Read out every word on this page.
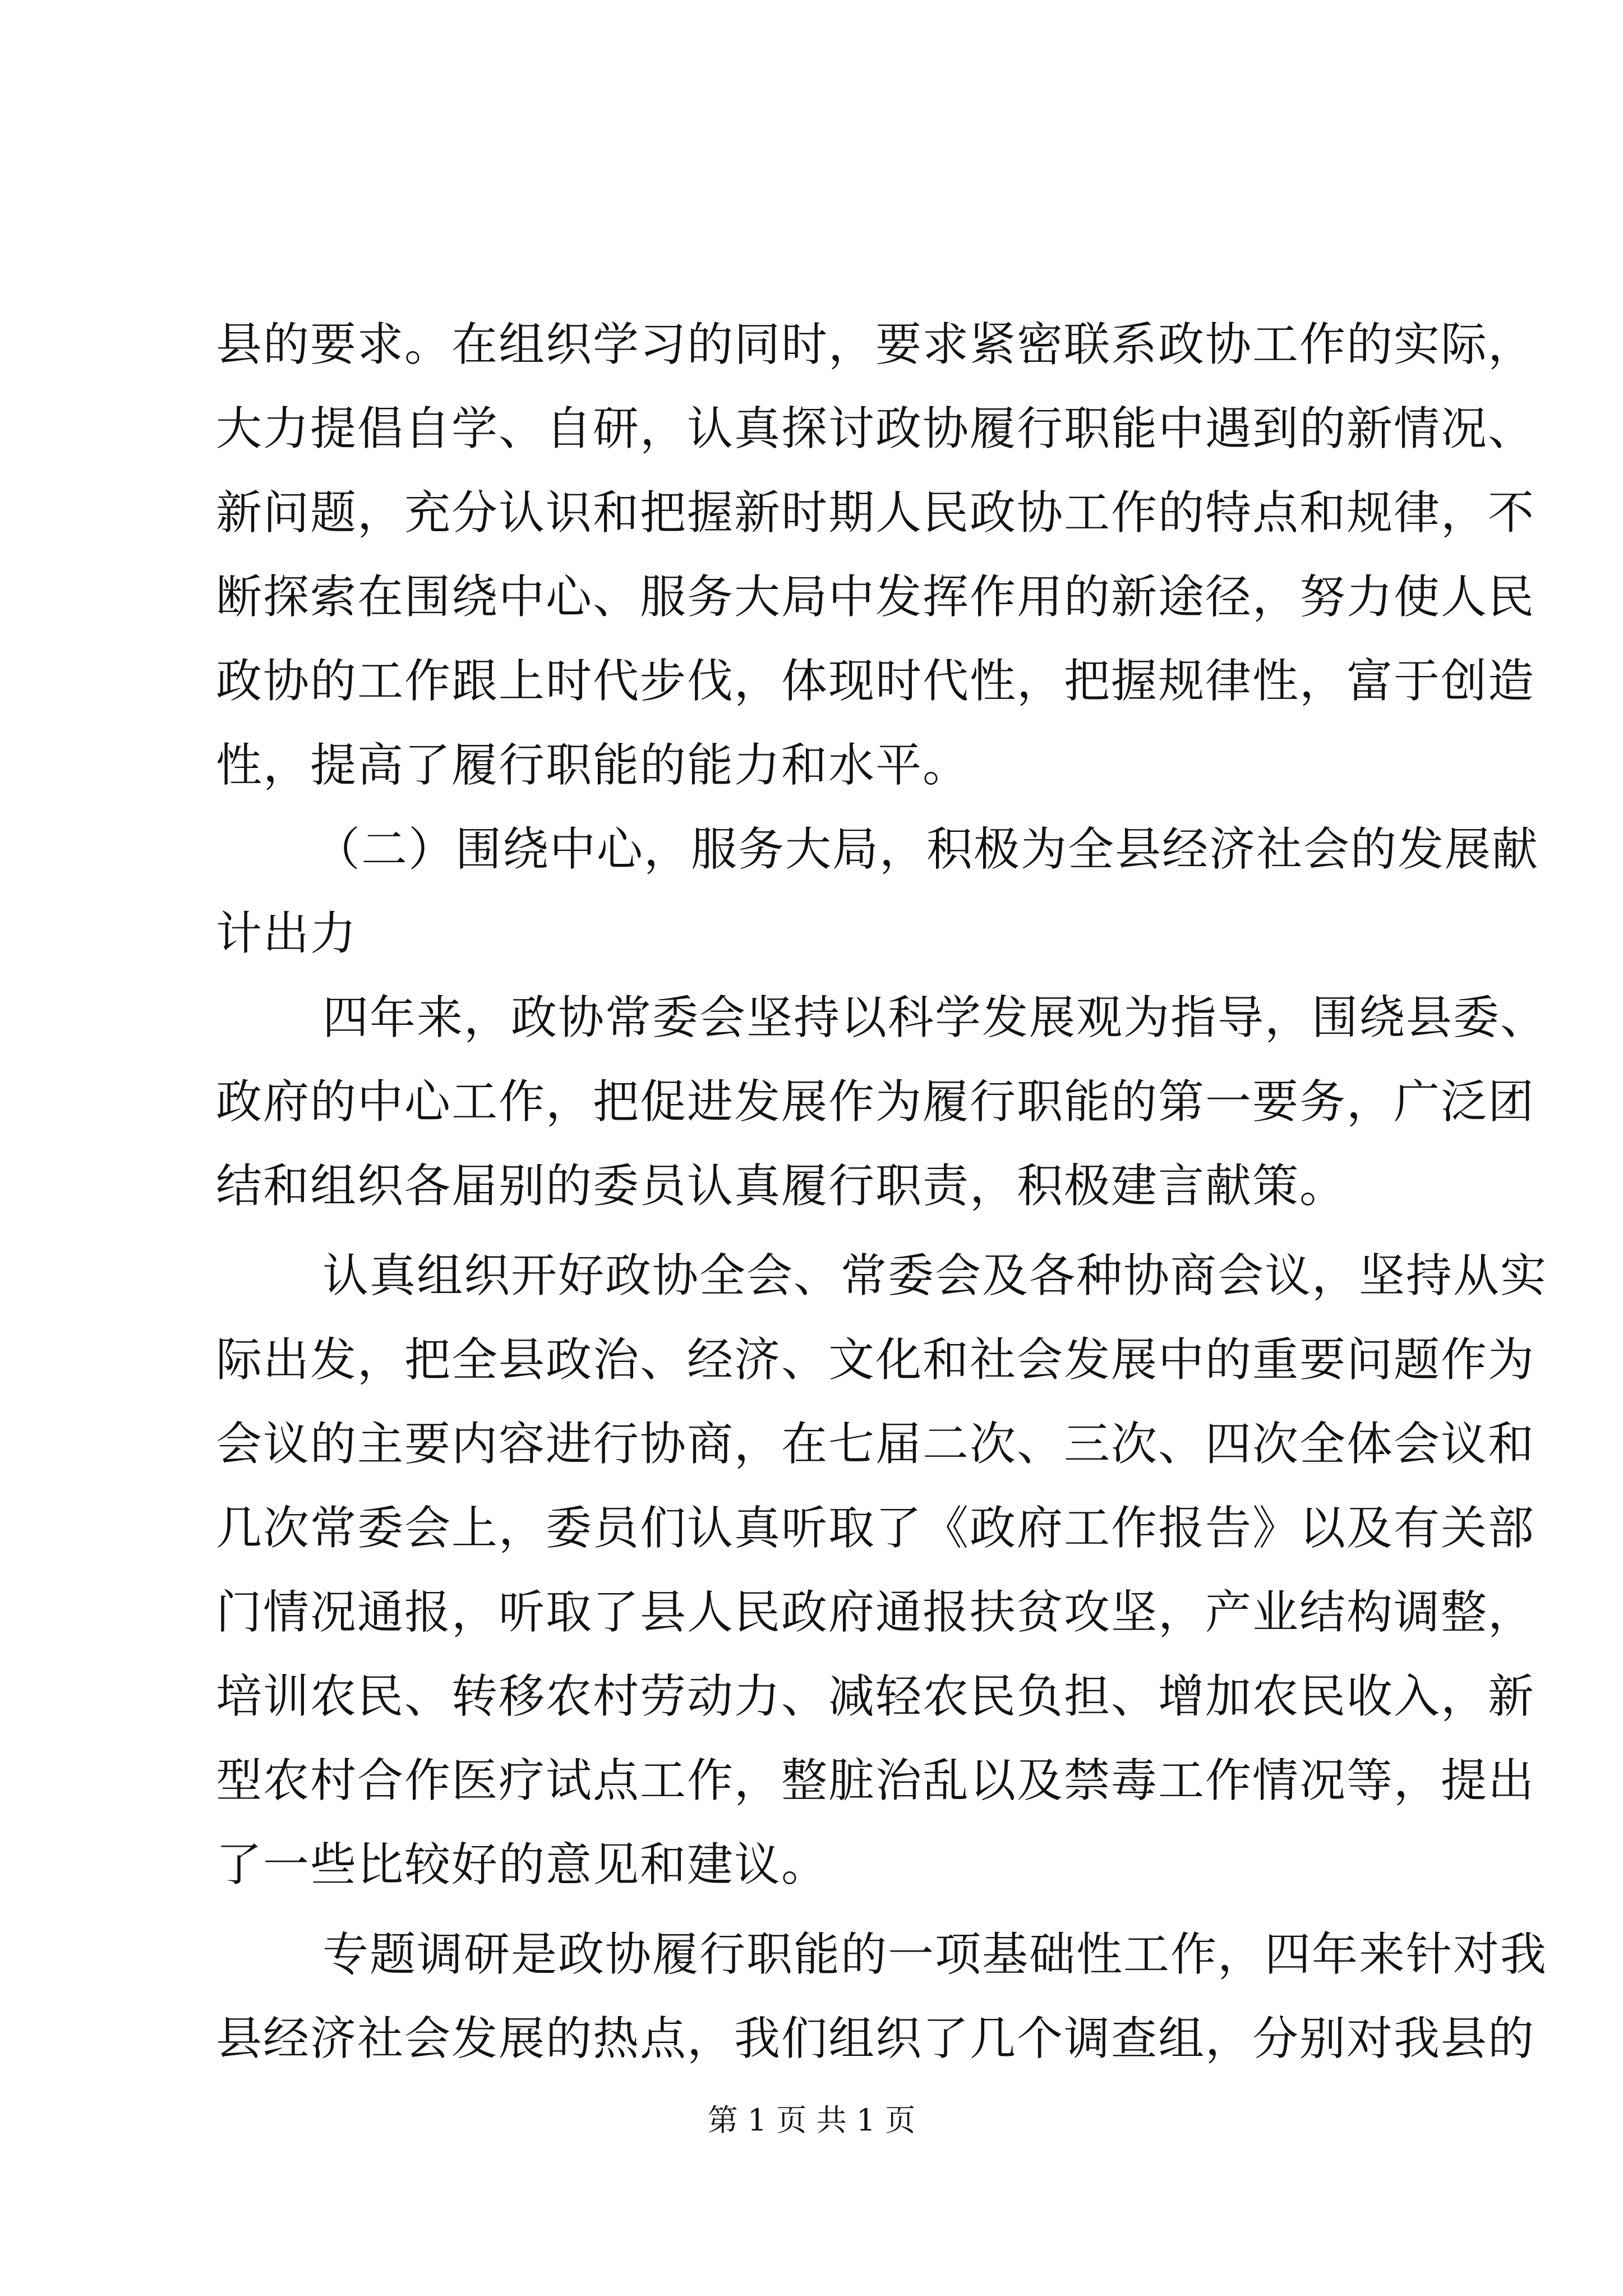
县的要求。在组织学习的同时，要求紧密联系政协工作的实际，
大力提倡自学、自研，认真探讨政协履行职能中遇到的新情况、
新问题，充分认识和把握新时期人民政协工作的特点和规律，不
断探索在围绕中心、服务大局中发挥作用的新途径，努力使人民
政协的工作跟上时代步伐，体现时代性，把握规律性，富于创造
性，提高了履行职能的能力和水平。
（二）围绕中心，服务大局，积极为全县经济社会的发展献
计出力
四年来，政协常委会坚持以科学发展观为指导，围绕县委、
政府的中心工作，把促进发展作为履行职能的第一要务，广泛团
结和组织各届别的委员认真履行职责，积极建言献策。
认真组织开好政协全会、常委会及各种协商会议，坚持从实
际出发，把全县政治、经济、文化和社会发展中的重要问题作为
会议的主要内容进行协商，在七届二次、三次、四次全体会议和
几次常委会上，委员们认真听取了《政府工作报告》以及有关部
门情况通报，听取了县人民政府通报扶贫攻坚，产业结构调整，
培训农民、转移农村劳动力、减轻农民负担、增加农民收入，新
型农村合作医疗试点工作，整脏治乱以及禁毒工作情况等，提出
了一些比较好的意见和建议。
专题调研是政协履行职能的一项基础性工作，四年来针对我
县经济社会发展的热点，我们组织了几个调查组，分别对我县的
第 1 页 共 1 页
